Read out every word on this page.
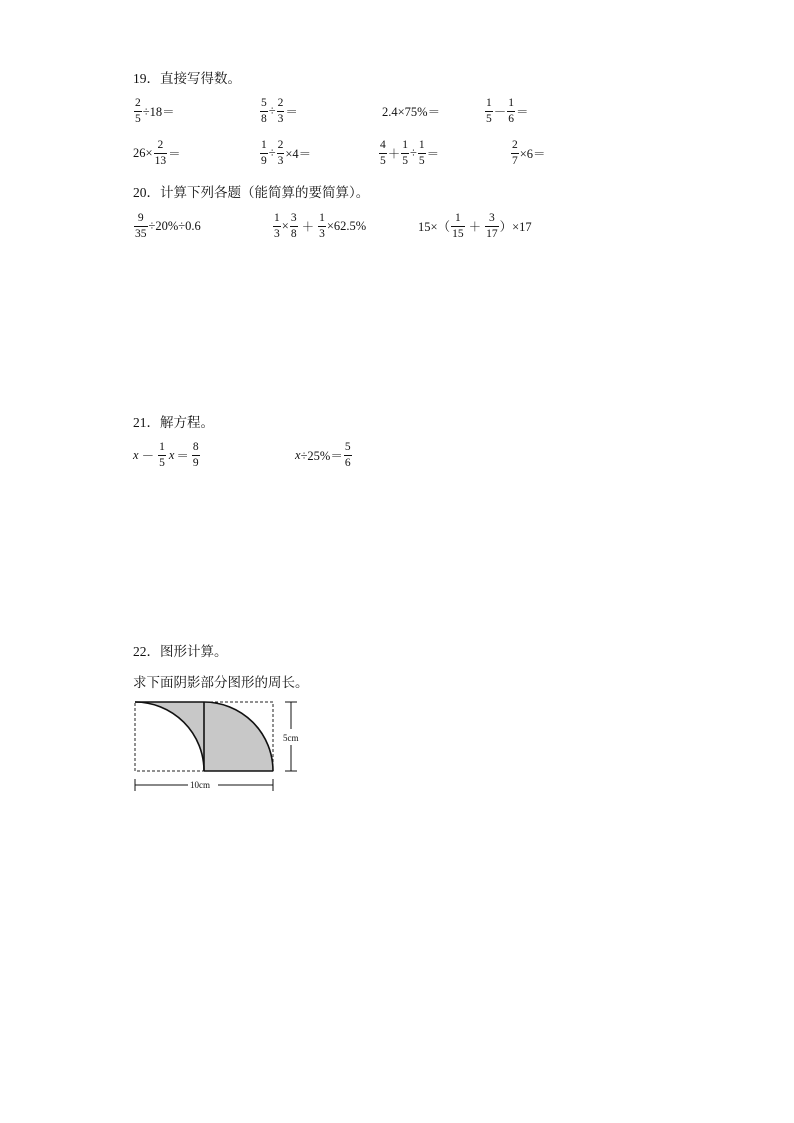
19．直接写得数。
$\frac{2}{5} \div 18=$	$\frac{5}{8} \div \frac{2}{3}$ ＝	2.4×75%＝	$\frac{1}{5} - \frac{1}{6}$ ＝
$26\times \frac{2}{13}$ ＝	$\frac{1}{9} \div \frac{2}{3} \times 4=$	$\frac{4}{5} + \frac{1}{5} \div \frac{1}{5}$ ＝	$\frac{2}{7} \times 6=$
20．计算下列各题（能简算的要简算）。
$\frac{9}{35} \div 20\%\div 0.6$	$\frac{1}{3} \times \frac{3}{8} + \frac{1}{3} \times 62.5\%$	$15\times( \frac{1}{15} + \frac{3}{17} )\times 17$
21．解方程。
$x - \frac{1}{5}$ $x = \frac{8}{9}$	$x \div 25\%= \frac{5}{6}$
22．图形计算。
求下面阴影部分图形的周长。
5cm
10cm
